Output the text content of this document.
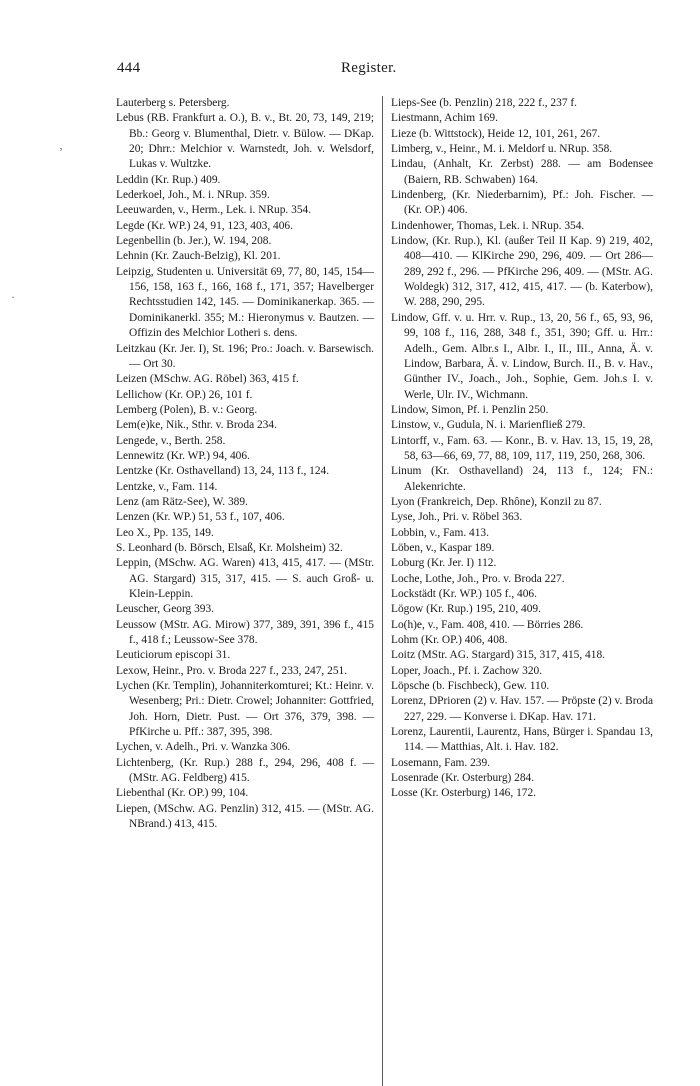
444	Register.
‚
·
Lauterberg s. Petersberg.
Lebus (RB. Frankfurt a. O.), B. v., Bt. 20, 73, 149, 219; Bb.: Georg v. Blumenthal, Dietr. v. Bülow. — DKap. 20; Dhrr.: Melchior v. Warnstedt, Joh. v. Welsdorf, Lukas v. Wultzke.
Leddin (Kr. Rup.) 409.
Lederkoel, Joh., M. i. NRup. 359.
Leeuwarden, v., Herm., Lek. i. NRup. 354.
Legde (Kr. WP.) 24, 91, 123, 403, 406.
Legenbellin (b. Jer.), W. 194, 208.
Lehnin (Kr. Zauch-Belzig), Kl. 201.
Leipzig, Studenten u. Universität 69, 77, 80, 145, 154—156, 158, 163 f., 166, 168 f., 171, 357; Havelberger Rechtsstudien 142, 145. — Dominikanerkap. 365. — Dominikanerkl. 355; M.: Hieronymus v. Bautzen. — Offizin des Melchior Lotheri s. dens.
Leitzkau (Kr. Jer. I), St. 196; Pro.: Joach. v. Barsewisch. — Ort 30.
Leizen (MSchw. AG. Röbel) 363, 415 f.
Lellichow (Kr. OP.) 26, 101 f.
Lemberg (Polen), B. v.: Georg.
Lem(e)ke, Nik., Sthr. v. Broda 234.
Lengede, v., Berth. 258.
Lennewitz (Kr. WP.) 94, 406.
Lentzke (Kr. Osthavelland) 13, 24, 113 f., 124.
Lentzke, v., Fam. 114.
Lenz (am Rätz-See), W. 389.
Lenzen (Kr. WP.) 51, 53 f., 107, 406.
Leo X., Pp. 135, 149.
S. Leonhard (b. Börsch, Elsaß, Kr. Molsheim) 32.
Leppin, (MSchw. AG. Waren) 413, 415, 417. — (MStr. AG. Stargard) 315, 317, 415. — S. auch Groß- u. Klein-Leppin.
Leuscher, Georg 393.
Leussow (MStr. AG. Mirow) 377, 389, 391, 396 f., 415 f., 418 f.; Leussow-See 378.
Leuticiorum episcopi 31.
Lexow, Heinr., Pro. v. Broda 227 f., 233, 247, 251.
Lychen (Kr. Templin), Johanniterkomturei; Kt.: Heinr. v. Wesenberg; Pri.: Dietr. Crowel; Johanniter: Gottfried, Joh. Horn, Dietr. Pust. — Ort 376, 379, 398. — PfKirche u. Pff.: 387, 395, 398.
Lychen, v. Adelh., Pri. v. Wanzka 306.
Lichtenberg, (Kr. Rup.) 288 f., 294, 296, 408 f. — (MStr. AG. Feldberg) 415.
Liebenthal (Kr. OP.) 99, 104.
Liepen, (MSchw. AG. Penzlin) 312, 415. — (MStr. AG. NBrand.) 413, 415.
Lieps-See (b. Penzlin) 218, 222 f., 237 f.
Liestmann, Achim 169.
Lieze (b. Wittstock), Heide 12, 101, 261, 267.
Limberg, v., Heinr., M. i. Meldorf u. NRup. 358.
Lindau, (Anhalt, Kr. Zerbst) 288. — am Bodensee (Baiern, RB. Schwaben) 164.
Lindenberg, (Kr. Niederbarnim), Pf.: Joh. Fischer. — (Kr. OP.) 406.
Lindenhower, Thomas, Lek. i. NRup. 354.
Lindow, (Kr. Rup.), Kl. (außer Teil II Kap. 9) 219, 402, 408—410. — KlKirche 290, 296, 409. — Ort 286—289, 292 f., 296. — PfKirche 296, 409. — (MStr. AG. Woldegk) 312, 317, 412, 415, 417. — (b. Katerbow), W. 288, 290, 295.
Lindow, Gff. v. u. Hrr. v. Rup., 13, 20, 56 f., 65, 93, 96, 99, 108 f., 116, 288, 348 f., 351, 390; Gff. u. Hrr.: Adelh., Gem. Albr.s I., Albr. I., II., III., Anna, Ä. v. Lindow, Barbara, Ä. v. Lindow, Burch. II., B. v. Hav., Günther IV., Joach., Joh., Sophie, Gem. Joh.s I. v. Werle, Ulr. IV., Wichmann.
Lindow, Simon, Pf. i. Penzlin 250.
Linstow, v., Gudula, N. i. Marienfließ 279.
Lintorff, v., Fam. 63. — Konr., B. v. Hav. 13, 15, 19, 28, 58, 63—66, 69, 77, 88, 109, 117, 119, 250, 268, 306.
Linum (Kr. Osthavelland) 24, 113 f., 124; FN.: Alekenrichte.
Lyon (Frankreich, Dep. Rhône), Konzil zu 87.
Lyse, Joh., Pri. v. Röbel 363.
Lobbin, v., Fam. 413.
Löben, v., Kaspar 189.
Loburg (Kr. Jer. I) 112.
Loche, Lothe, Joh., Pro. v. Broda 227.
Lockstädt (Kr. WP.) 105 f., 406.
Lögow (Kr. Rup.) 195, 210, 409.
Lo(h)e, v., Fam. 408, 410. — Börries 286.
Lohm (Kr. OP.) 406, 408.
Loitz (MStr. AG. Stargard) 315, 317, 415, 418.
Loper, Joach., Pf. i. Zachow 320.
Löpsche (b. Fischbeck), Gew. 110.
Lorenz, DPrioren (2) v. Hav. 157. — Pröpste (2) v. Broda 227, 229. — Konverse i. DKap. Hav. 171.
Lorenz, Laurentii, Laurentz, Hans, Bürger i. Spandau 13, 114. — Matthias, Alt. i. Hav. 182.
Losemann, Fam. 239.
Losenrade (Kr. Osterburg) 284.
Losse (Kr. Osterburg) 146, 172.
